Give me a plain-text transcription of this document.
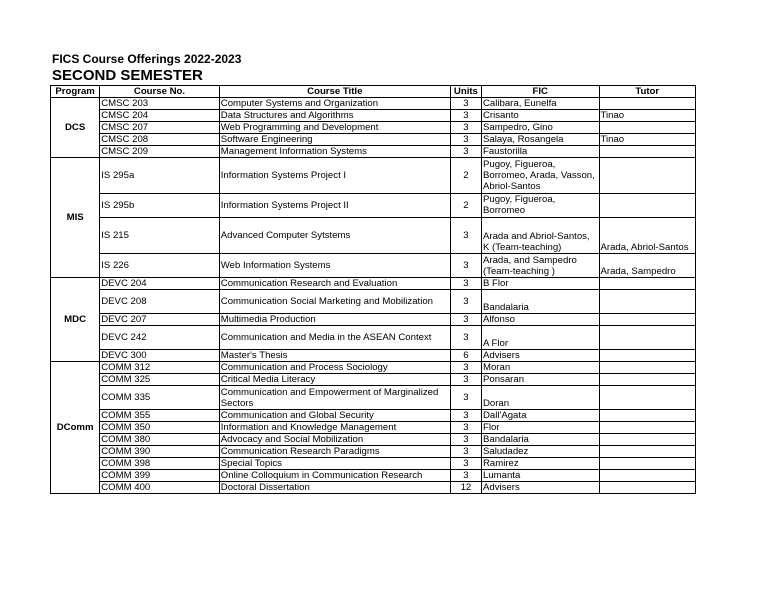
FICS Course Offerings 2022-2023
SECOND SEMESTER
Program	Course No.	Course Title	Units	FIC	Tutor
DCS	CMSC 203	Computer Systems and Organization	3	Calibara, Eunelfa	
	CMSC 204	Data Structures and Algorithms	3	Crisanto	Tinao
	CMSC 207	Web Programming and Development	3	Sampedro, Gino	
	CMSC 208	Software Engineering	3	Salaya, Rosangela	Tinao
	CMSC 209	Management Information Systems	3	Faustorilla	
MIS	IS 295a	Information Systems Project I	2	Pugoy, Figueroa, Borromeo, Arada, Vasson, Abriol-Santos	
	IS 295b	Information Systems Project II	2	Pugoy, Figueroa, Borromeo	
	IS 215	Advanced Computer Sytstems	3	Arada and Abriol-Santos, K (Team-teaching)	Arada, Abriol-Santos
	IS 226	Web Information Systems	3	Arada, and Sampedro (Team-teaching )	Arada, Sampedro
MDC	DEVC 204	Communication Research and Evaluation	3	B Flor	
	DEVC 208	Communication Social Marketing and Mobilization	3	Bandalaria	
	DEVC 207	Multimedia Production	3	Alfonso	
	DEVC 242	Communication and Media in the ASEAN Context	3	A Flor	
	DEVC 300	Master's Thesis	6	Advisers	
DComm	COMM 312	Communication and Process Sociology	3	Moran	
	COMM 325	Critical Media Literacy	3	Ponsaran	
	COMM 335	Communication and Empowerment of Marginalized Sectors	3	Doran	
	COMM 355	Communication and Global Security	3	Dall'Agata	
	COMM 350	Information and Knowledge Management	3	Flor	
	COMM 380	Advocacy and Social Mobilization	3	Bandalaria	
	COMM 390	Communication Research Paradigms	3	Saludadez	
	COMM 398	Special Topics	3	Ramirez	
	COMM 399	Online Colloquium in Communication Research	3	Lumanta	
	COMM 400	Doctoral Dissertation	12	Advisers	
